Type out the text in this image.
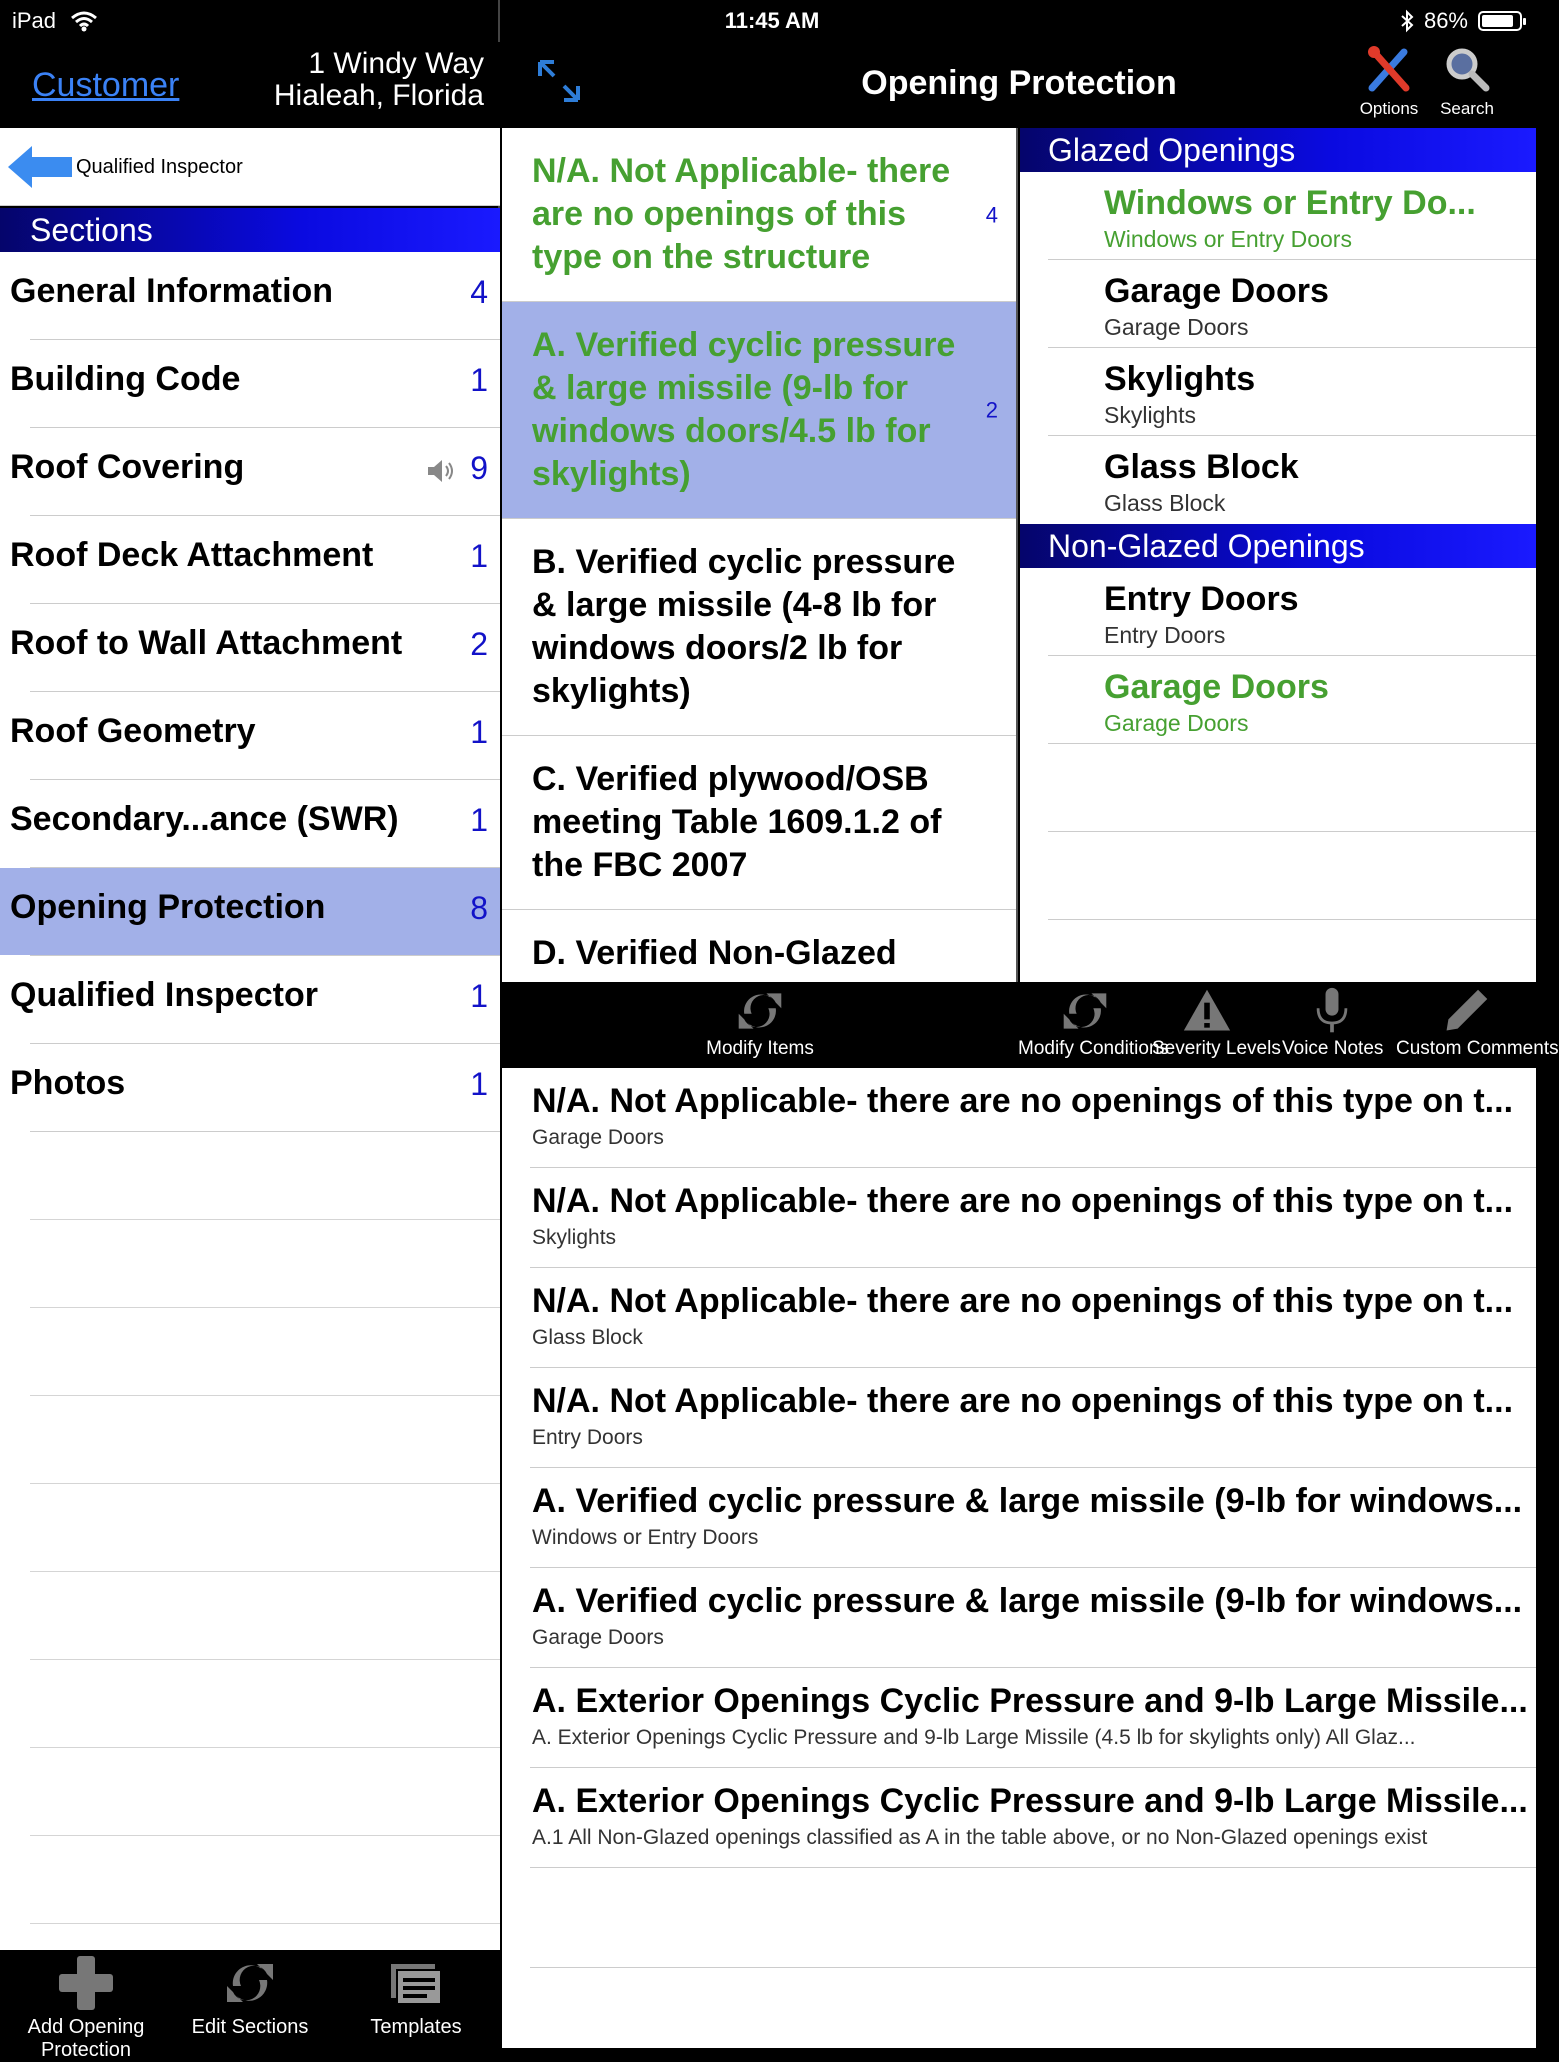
Customer
1 Windy Way
Hialeah, Florida
Qualified Inspector
Sections
General Information	4
Building Code	1
Roof Covering	9
Roof Deck Attachment	1
Roof to Wall Attachment 2
Roof Geometry	1
Secondary...ance (SWR) 1
Opening Protection	8
Qualified Inspector	1
Photos	1
Add Opening Protection
Edit Sections	Templates
iPad	11:45 AM	86%
Opening Protection
Options	Search
N/A. Not Applicable- there are no openings of this type on the structure
4
A. Verified cyclic pressure & large missile (9-lb for windows doors/4.5 lb for skylights)
2
B. Verified cyclic pressure & large missile (4-8 lb for windows doors/2 lb for skylights)
C. Verified plywood/OSB meeting Table 1609.1.2 of the FBC 2007
D. Verified Non-Glazed
Glazed Openings
Windows or Entry Do...
Windows or Entry Doors
Garage Doors
Garage Doors
Skylights
Skylights
Glass Block
Glass Block
Non-Glazed Openings
Entry Doors
Entry Doors
Garage Doors
Garage Doors
Modify Items	Modify Conditions
Severity Levels Voice Notes Custom Comments
N/A. Not Applicable- there are no openings of this type on t...
Garage Doors
N/A. Not Applicable- there are no openings of this type on t...
Skylights
N/A. Not Applicable- there are no openings of this type on t...
Glass Block
N/A. Not Applicable- there are no openings of this type on t...
Entry Doors
A. Verified cyclic pressure & large missile (9-lb for windows...
Windows or Entry Doors
A. Verified cyclic pressure & large missile (9-lb for windows...
Garage Doors
A. Exterior Openings Cyclic Pressure and 9-lb Large Missile...
A. Exterior Openings Cyclic Pressure and 9-lb Large Missile (4.5 lb for skylights only) All Glaz...
A. Exterior Openings Cyclic Pressure and 9-lb Large Missile...
A.1 All Non-Glazed openings classified as A in the table above, or no Non-Glazed openings exist
